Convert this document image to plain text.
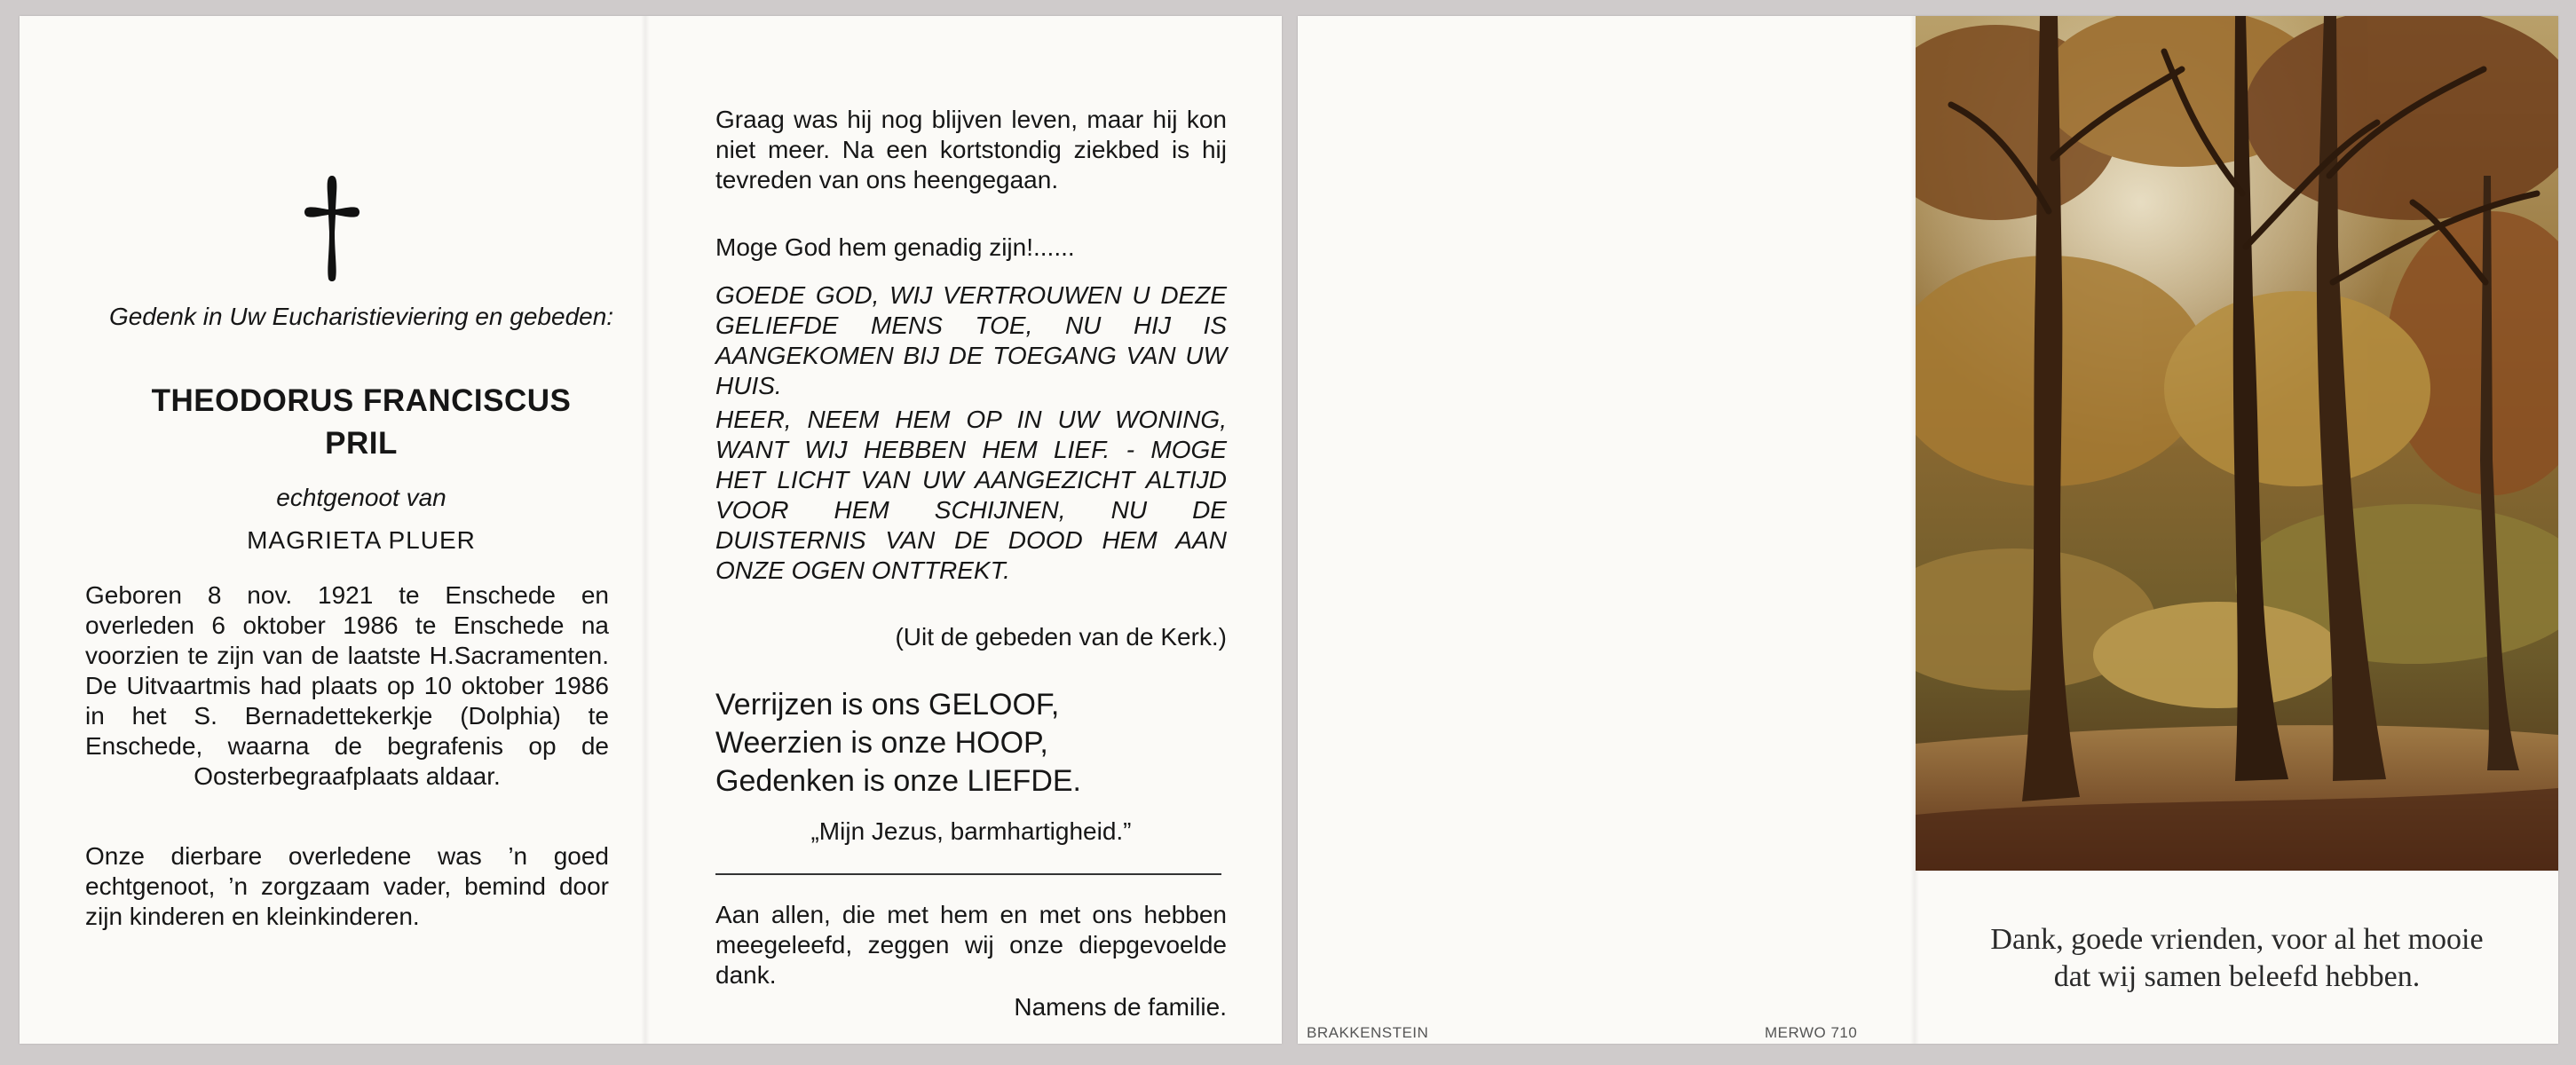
Gedenk in Uw Eucharistieviering en gebeden:
THEODORUS FRANCISCUS
PRIL
echtgenoot van
MAGRIETA PLUER
Geboren 8 nov. 1921 te Enschede en overleden 6 oktober 1986 te Enschede na voorzien te zijn van de laatste H.Sacramenten. De Uitvaartmis had plaats op 10 oktober 1986 in het S. Bernadettekerkje (Dolphia) te Enschede, waarna de begrafenis op de Oosterbegraafplaats aldaar.
Onze dierbare overledene was ’n goed echtgenoot, ’n zorgzaam vader, bemind door zijn kinderen en kleinkinderen.
Graag was hij nog blijven leven, maar hij kon niet meer. Na een kortstondig ziekbed is hij tevreden van ons heengegaan.
Moge God hem genadig zijn!......
GOEDE GOD, WIJ VERTROUWEN U DEZE GELIEFDE MENS TOE, NU HIJ IS AANGEKOMEN BIJ DE TOEGANG VAN UW HUIS.
HEER, NEEM HEM OP IN UW WONING, WANT WIJ HEBBEN HEM LIEF. - MOGE HET LICHT VAN UW AANGEZICHT ALTIJD VOOR HEM SCHIJNEN, NU DE DUISTERNIS VAN DE DOOD HEM AAN ONZE OGEN ONTTREKT.
(Uit de gebeden van de Kerk.)
Verrijzen is ons GELOOF,
Weerzien is onze HOOP,
Gedenken is onze LIEFDE.
„Mijn Jezus, barmhartigheid.”
Aan allen, die met hem en met ons hebben meegeleefd, zeggen wij onze diepgevoelde dank.
Namens de familie.
Dank, goede vrienden, voor al het mooie
dat wij samen beleefd hebben.
BRAKKENSTEIN	MERWO 710
